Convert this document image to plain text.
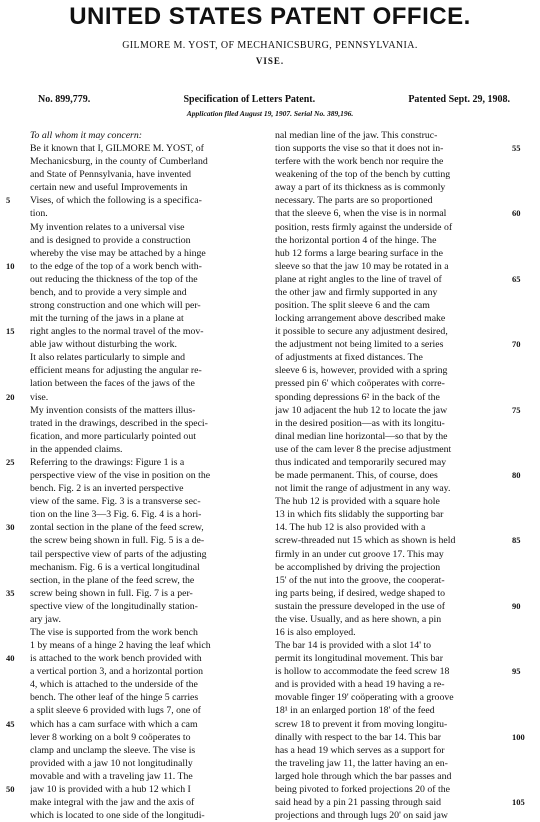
UNITED STATES PATENT OFFICE.
GILMORE M. YOST, OF MECHANICSBURG, PENNSYLVANIA.
VISE.
No. 899,779.	Specification of Letters Patent.	Patented Sept. 29, 1908.
Application filed August 19, 1907. Serial No. 389,196.
To all whom it may concern:
Be it known that I, GILMORE M. YOST, of
Mechanicsburg, in the county of Cumberland
and State of Pennsylvania, have invented
certain new and useful Improvements in
Vises, of which the following is a specifica-
tion.
My invention relates to a universal vise
and is designed to provide a construction
whereby the vise may be attached by a hinge
to the edge of the top of a work bench with-
out reducing the thickness of the top of the
bench, and to provide a very simple and
strong construction and one which will per-
mit the turning of the jaws in a plane at
right angles to the normal travel of the mov-
able jaw without disturbing the work.
It also relates particularly to simple and
efficient means for adjusting the angular re-
lation between the faces of the jaws of the
vise.
My invention consists of the matters illus-
trated in the drawings, described in the speci-
fication, and more particularly pointed out
in the appended claims.
Referring to the drawings: Figure 1 is a
perspective view of the vise in position on the
bench. Fig. 2 is an inverted perspective
view of the same. Fig. 3 is a transverse sec-
tion on the line 3—3 Fig. 6. Fig. 4 is a hori-
zontal section in the plane of the feed screw,
the screw being shown in full. Fig. 5 is a de-
tail perspective view of parts of the adjusting
mechanism. Fig. 6 is a vertical longitudinal
section, in the plane of the feed screw, the
screw being shown in full. Fig. 7 is a per-
spective view of the longitudinally station-
ary jaw.
The vise is supported from the work bench
1 by means of a hinge 2 having the leaf which
is attached to the work bench provided with
a vertical portion 3, and a horizontal portion
4, which is attached to the underside of the
bench. The other leaf of the hinge 5 carries
a split sleeve 6 provided with lugs 7, one of
which has a cam surface with which a cam
lever 8 working on a bolt 9 coöperates to
clamp and unclamp the sleeve. The vise is
provided with a jaw 10 not longitudinally
movable and with a traveling jaw 11. The
jaw 10 is provided with a hub 12 which I
make integral with the jaw and the axis of
which is located to one side of the longitudi-
nal median line of the jaw. This construc-
tion supports the vise so that it does not in-
terfere with the work bench nor require the
weakening of the top of the bench by cutting
away a part of its thickness as is commonly
necessary. The parts are so proportioned
that the sleeve 6, when the vise is in normal
position, rests firmly against the underside of
the horizontal portion 4 of the hinge. The
hub 12 forms a large bearing surface in the
sleeve so that the jaw 10 may be rotated in a
plane at right angles to the line of travel of
the other jaw and firmly supported in any
position. The split sleeve 6 and the cam
locking arrangement above described make
it possible to secure any adjustment desired,
the adjustment not being limited to a series
of adjustments at fixed distances. The
sleeve 6 is, however, provided with a spring
pressed pin 6' which coöperates with corre-
sponding depressions 6² in the back of the
jaw 10 adjacent the hub 12 to locate the jaw
in the desired position—as with its longitu-
dinal median line horizontal—so that by the
use of the cam lever 8 the precise adjustment
thus indicated and temporarily secured may
be made permanent. This, of course, does
not limit the range of adjustment in any way.
The hub 12 is provided with a square hole
13 in which fits slidably the supporting bar
14. The hub 12 is also provided with a
screw-threaded nut 15 which as shown is held
firmly in an under cut groove 17. This may
be accomplished by driving the projection
15' of the nut into the groove, the cooperat-
ing parts being, if desired, wedge shaped to
sustain the pressure developed in the use of
the vise. Usually, and as here shown, a pin
16 is also employed.
The bar 14 is provided with a slot 14' to
permit its longitudinal movement. This bar
is hollow to accommodate the feed screw 18
and is provided with a head 19 having a re-
movable finger 19' coöperating with a groove
18¹ in an enlarged portion 18' of the feed
screw 18 to prevent it from moving longitu-
dinally with respect to the bar 14. This bar
has a head 19 which serves as a support for
the traveling jaw 11, the latter having an en-
larged hole through which the bar passes and
being pivoted to forked projections 20 of the
said head by a pin 21 passing through said
projections and through lugs 20' on said jaw
5
10
15
20
25
30
35
40
45
50
55
60
65
70
75
80
85
90
95
100
105
